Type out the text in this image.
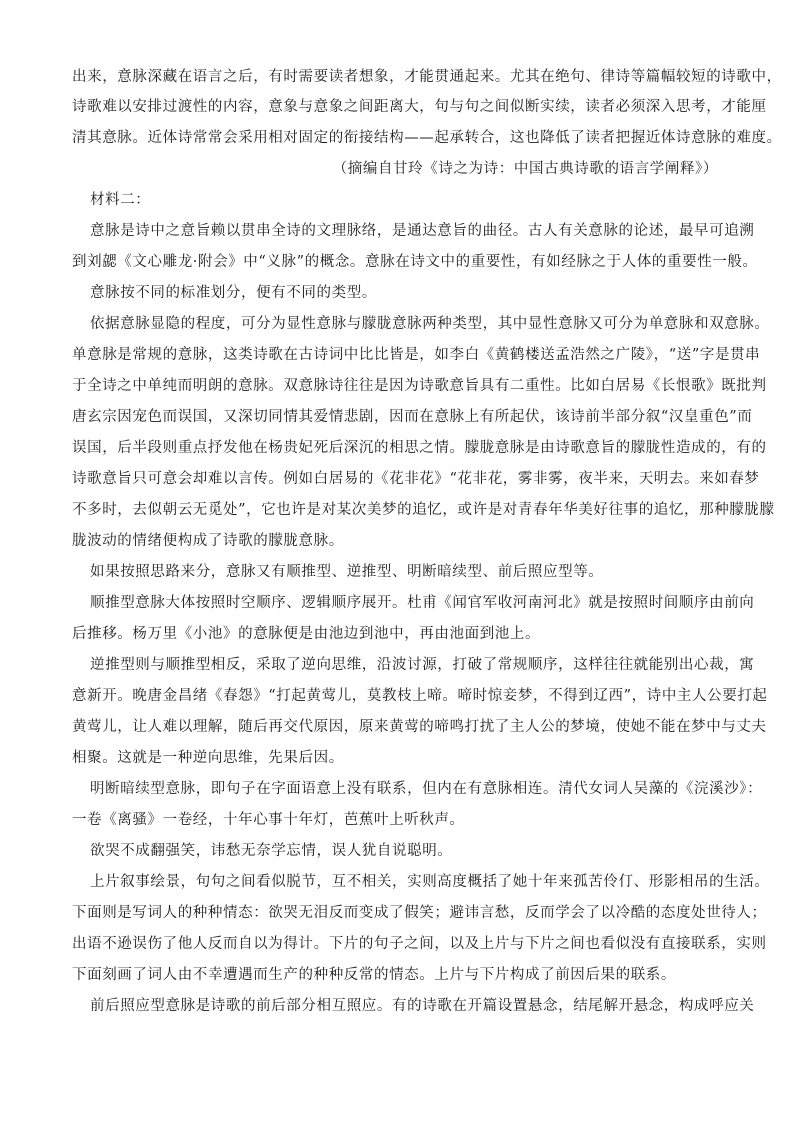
出来，意脉深藏在语言之后，有时需要读者想象，才能贯通起来。尤其在绝句、律诗等篇幅较短的诗歌中，
诗歌难以安排过渡性的内容，意象与意象之间距离大，句与句之间似断实续，读者必须深入思考，才能厘
清其意脉。近体诗常常会采用相对固定的衔接结构——起承转合，这也降低了读者把握近体诗意脉的难度。
（摘编自甘玲《诗之为诗：中国古典诗歌的语言学阐释》）
材料二：
意脉是诗中之意旨赖以贯串全诗的文理脉络，是通达意旨的曲径。古人有关意脉的论述，最早可追溯
到刘勰《文心雕龙·附会》中“义脉”的概念。意脉在诗文中的重要性，有如经脉之于人体的重要性一般。
意脉按不同的标准划分，便有不同的类型。
依据意脉显隐的程度，可分为显性意脉与朦胧意脉两种类型，其中显性意脉又可分为单意脉和双意脉。
单意脉是常规的意脉，这类诗歌在古诗词中比比皆是，如李白《黄鹤楼送孟浩然之广陵》，“送”字是贯串
于全诗之中单纯而明朗的意脉。双意脉诗往往是因为诗歌意旨具有二重性。比如白居易《长恨歌》既批判
唐玄宗因宠色而误国，又深切同情其爱情悲剧，因而在意脉上有所起伏，该诗前半部分叙“汉皇重色”而
误国，后半段则重点抒发他在杨贵妃死后深沉的相思之情。朦胧意脉是由诗歌意旨的朦胧性造成的，有的
诗歌意旨只可意会却难以言传。例如白居易的《花非花》“花非花，雾非雾，夜半来，天明去。来如春梦
不多时，去似朝云无觅处”，它也许是对某次美梦的追忆，或许是对青春年华美好往事的追忆，那种朦胧朦
胧波动的情绪便构成了诗歌的朦胧意脉。
如果按照思路来分，意脉又有顺推型、逆推型、明断暗续型、前后照应型等。
顺推型意脉大体按照时空顺序、逻辑顺序展开。杜甫《闻官军收河南河北》就是按照时间顺序由前向
后推移。杨万里《小池》的意脉便是由池边到池中，再由池面到池上。
逆推型则与顺推型相反，采取了逆向思维，沿波讨源，打破了常规顺序，这样往往就能别出心裁，寓
意新开。晚唐金昌绪《春怨》“打起黄莺儿，莫教枝上啼。啼时惊妾梦，不得到辽西”，诗中主人公要打起
黄莺儿，让人难以理解，随后再交代原因，原来黄莺的啼鸣打扰了主人公的梦境，使她不能在梦中与丈夫
相聚。这就是一种逆向思维，先果后因。
明断暗续型意脉，即句子在字面语意上没有联系，但内在有意脉相连。清代女词人吴藻的《浣溪沙》：
一卷《离骚》一卷经，十年心事十年灯，芭蕉叶上听秋声。
欲哭不成翻强笑，讳愁无奈学忘情，误人犹自说聪明。
上片叙事绘景，句句之间看似脱节，互不相关，实则高度概括了她十年来孤苦伶仃、形影相吊的生活。
下面则是写词人的种种情态：欲哭无泪反而变成了假笑；避讳言愁，反而学会了以冷酷的态度处世待人；
出语不逊误伤了他人反而自以为得计。下片的句子之间，以及上片与下片之间也看似没有直接联系，实则
下面刻画了词人由不幸遭遇而生产的种种反常的情态。上片与下片构成了前因后果的联系。
前后照应型意脉是诗歌的前后部分相互照应。有的诗歌在开篇设置悬念，结尾解开悬念，构成呼应关
